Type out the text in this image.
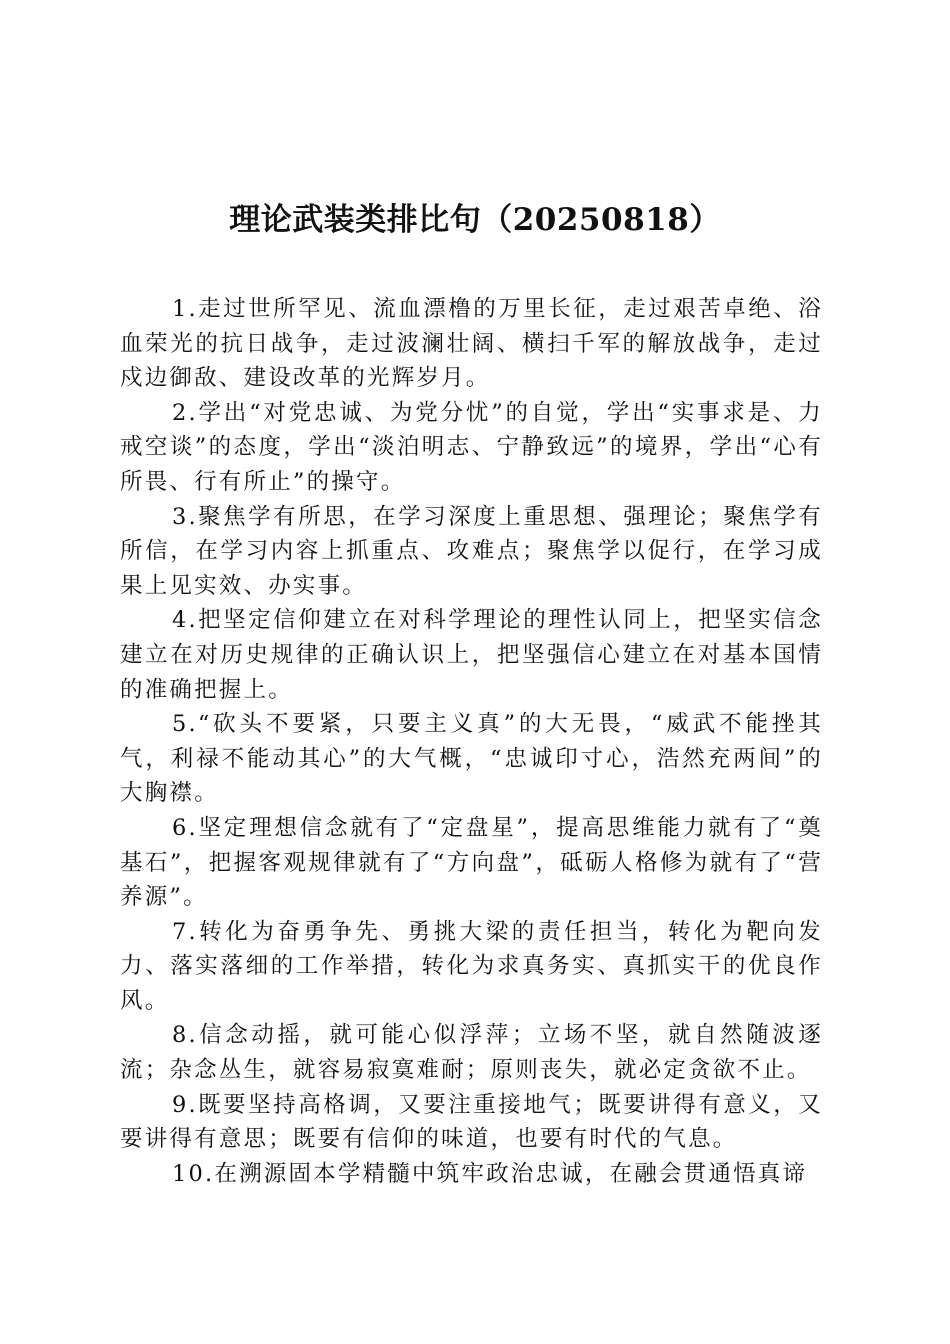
理论武装类排比句（20250818）

1.走过世所罕见、流血漂橹的万里长征，走过艰苦卓绝、浴血荣光的抗日战争，走过波澜壮阔、横扫千军的解放战争，走过戍边御敌、建设改革的光辉岁月。

2.学出“对党忠诚、为党分忧”的自觉，学出“实事求是、力戒空谈”的态度，学出“淡泊明志、宁静致远”的境界，学出“心有所畏、行有所止”的操守。

3.聚焦学有所思，在学习深度上重思想、强理论；聚焦学有所信，在学习内容上抓重点、攻难点；聚焦学以促行，在学习成果上见实效、办实事。

4.把坚定信仰建立在对科学理论的理性认同上，把坚实信念建立在对历史规律的正确认识上，把坚强信心建立在对基本国情的准确把握上。

5.“砍头不要紧，只要主义真”的大无畏，“威武不能挫其气，利禄不能动其心”的大气概，“忠诚印寸心，浩然充两间”的大胸襟。

6.坚定理想信念就有了“定盘星”，提高思维能力就有了“奠基石”，把握客观规律就有了“方向盘”，砥砺人格修为就有了“营养源”。

7.转化为奋勇争先、勇挑大梁的责任担当，转化为靶向发力、落实落细的工作举措，转化为求真务实、真抓实干的优良作风。

8.信念动摇，就可能心似浮萍；立场不坚，就自然随波逐流；杂念丛生，就容易寂寞难耐；原则丧失，就必定贪欲不止。

9.既要坚持高格调，又要注重接地气；既要讲得有意义，又要讲得有意思；既要有信仰的味道，也要有时代的气息。

10.在溯源固本学精髓中筑牢政治忠诚，在融会贯通悟真谛
